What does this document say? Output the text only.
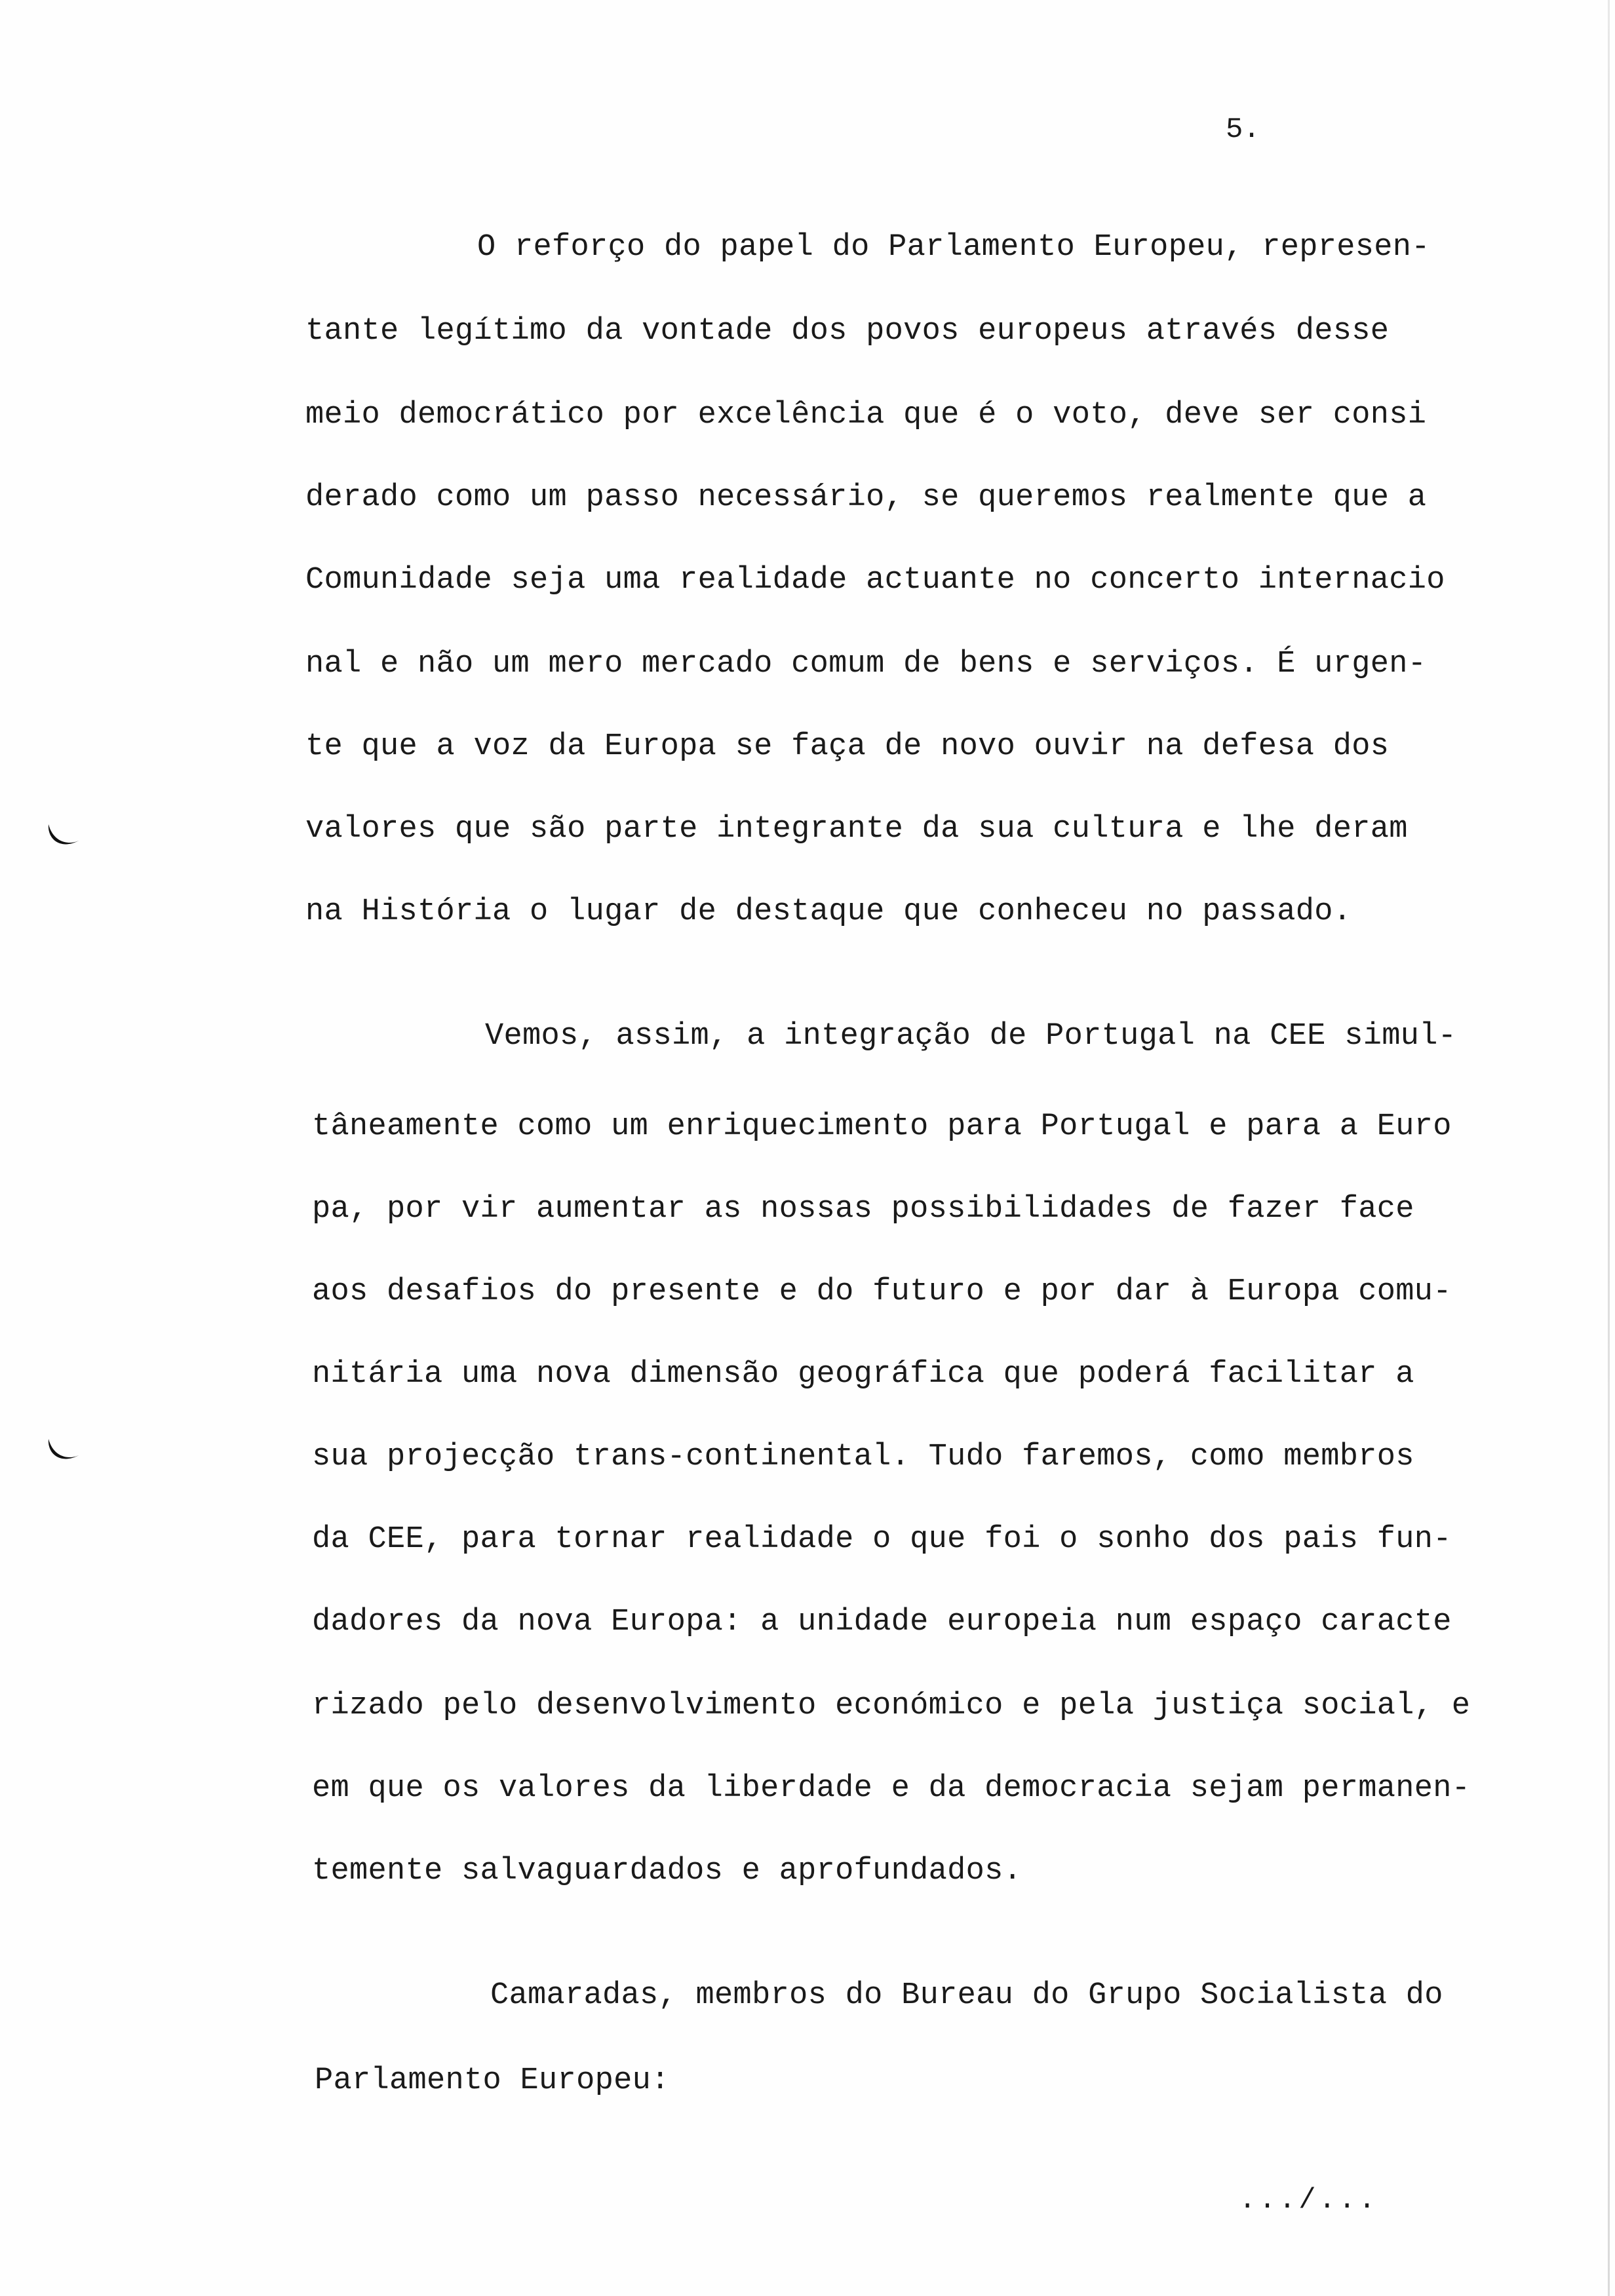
5.
O reforço do papel do Parlamento Europeu, represen-
tante legítimo da vontade dos povos europeus através desse
meio democrático por excelência que é o voto, deve ser consi
derado como um passo necessário, se queremos realmente que a
Comunidade seja uma realidade actuante no concerto internacio
nal e não um mero mercado comum de bens e serviços. É urgen-
te que a voz da Europa se faça de novo ouvir na defesa dos
valores que são parte integrante da sua cultura e lhe deram
na História o lugar de destaque que conheceu no passado.
Vemos, assim, a integração de Portugal na CEE simul-
tâneamente como um enriquecimento para Portugal e para a Euro
pa, por vir aumentar as nossas possibilidades de fazer face
aos desafios do presente e do futuro e por dar à Europa comu-
nitária uma nova dimensão geográfica que poderá facilitar a
sua projecção trans-continental. Tudo faremos, como membros
da CEE, para tornar realidade o que foi o sonho dos pais fun-
dadores da nova Europa: a unidade europeia num espaço caracte
rizado pelo desenvolvimento económico e pela justiça social, e
em que os valores da liberdade e da democracia sejam permanen-
temente salvaguardados e aprofundados.
Camaradas, membros do Bureau do Grupo Socialista do
Parlamento Europeu:
.../...
